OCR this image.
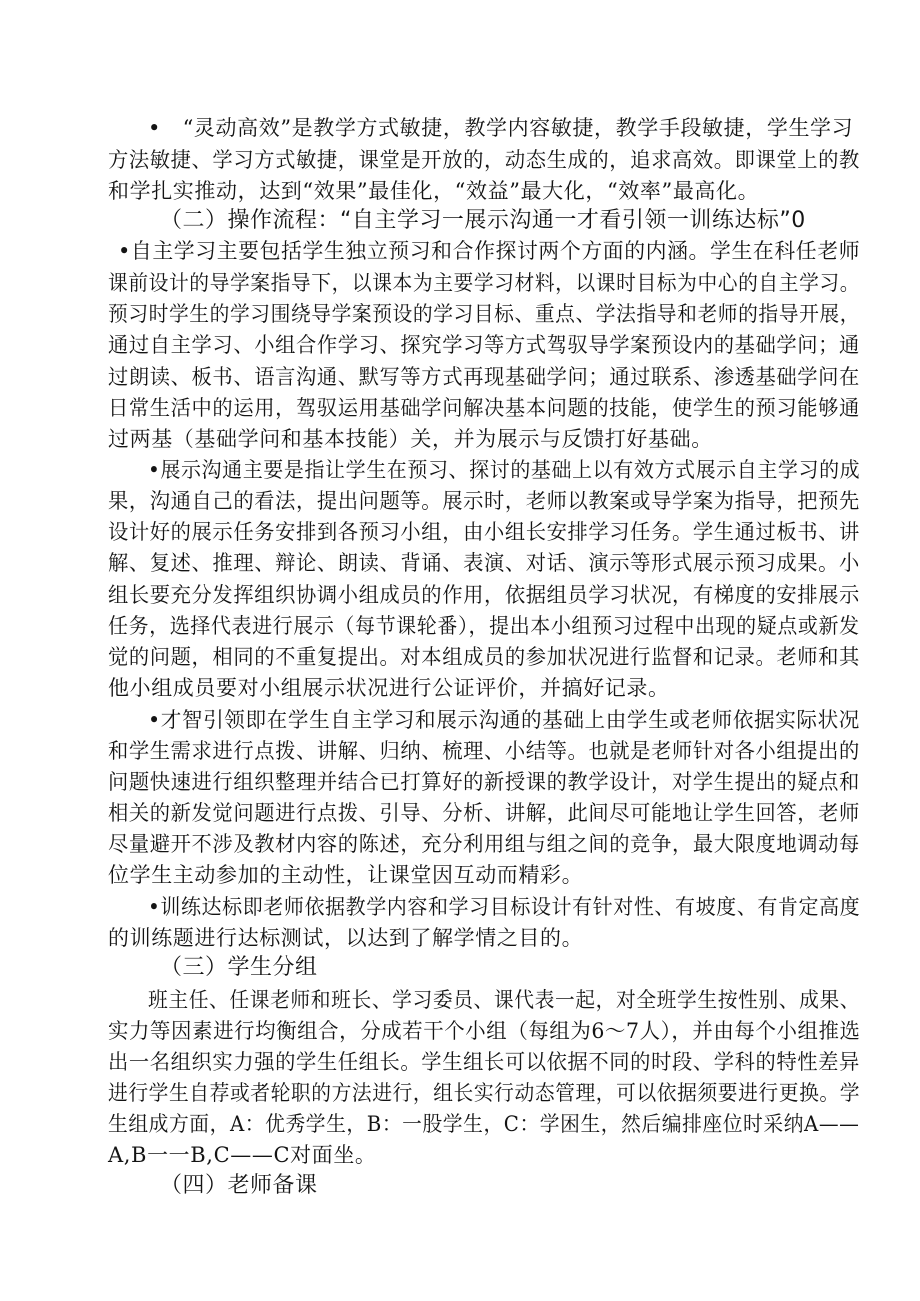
•　“灵动高效”是教学方式敏捷，教学内容敏捷，教学手段敏捷，学生学习

方法敏捷、学习方式敏捷，课堂是开放的，动态生成的，追求高效。即课堂上的教

和学扎实推动，达到“效果”最佳化，“效益”最大化，“效率”最高化。

（二）操作流程：“自主学习一展示沟通一才看引领一训练达标”0

•自主学习主要包括学生独立预习和合作探讨两个方面的内涵。学生在科任老师

课前设计的导学案指导下，以课本为主要学习材料，以课时目标为中心的自主学习。

预习时学生的学习围绕导学案预设的学习目标、重点、学法指导和老师的指导开展，

通过自主学习、小组合作学习、探究学习等方式驾驭导学案预设内的基础学问；通

过朗读、板书、语言沟通、默写等方式再现基础学问；通过联系、渗透基础学问在

日常生活中的运用，驾驭运用基础学问解决基本问题的技能，使学生的预习能够通

过两基（基础学问和基本技能）关，并为展示与反馈打好基础。

•展示沟通主要是指让学生在预习、探讨的基础上以有效方式展示自主学习的成

果，沟通自己的看法，提出问题等。展示时，老师以教案或导学案为指导，把预先

设计好的展示任务安排到各预习小组，由小组长安排学习任务。学生通过板书、讲

解、复述、推理、辩论、朗读、背诵、表演、对话、演示等形式展示预习成果。小

组长要充分发挥组织协调小组成员的作用，依据组员学习状况，有梯度的安排展示

任务，选择代表进行展示（每节课轮番），提出本小组预习过程中出现的疑点或新发

觉的问题，相同的不重复提出。对本组成员的参加状况进行监督和记录。老师和其

他小组成员要对小组展示状况进行公证评价，并搞好记录。

•才智引领即在学生自主学习和展示沟通的基础上由学生或老师依据实际状况

和学生需求进行点拨、讲解、归纳、梳理、小结等。也就是老师针对各小组提出的

问题快速进行组织整理并结合已打算好的新授课的教学设计，对学生提出的疑点和

相关的新发觉问题进行点拨、引导、分析、讲解，此间尽可能地让学生回答，老师

尽量避开不涉及教材内容的陈述，充分利用组与组之间的竞争，最大限度地调动每

位学生主动参加的主动性，让课堂因互动而精彩。

•训练达标即老师依据教学内容和学习目标设计有针对性、有坡度、有肯定高度

的训练题进行达标测试，以达到了解学情之目的。

（三）学生分组

班主任、任课老师和班长、学习委员、课代表一起，对全班学生按性别、成果、

实力等因素进行均衡组合，分成若干个小组（每组为6～7人），并由每个小组推选

出一名组织实力强的学生任组长。学生组长可以依据不同的时段、学科的特性差异

进行学生自荐或者轮职的方法进行，组长实行动态管理，可以依据须要进行更换。学

生组成方面，A：优秀学生，B：一股学生，C：学困生，然后编排座位时采纳A——

A,B一一B,C——C对面坐。

（四）老师备课
